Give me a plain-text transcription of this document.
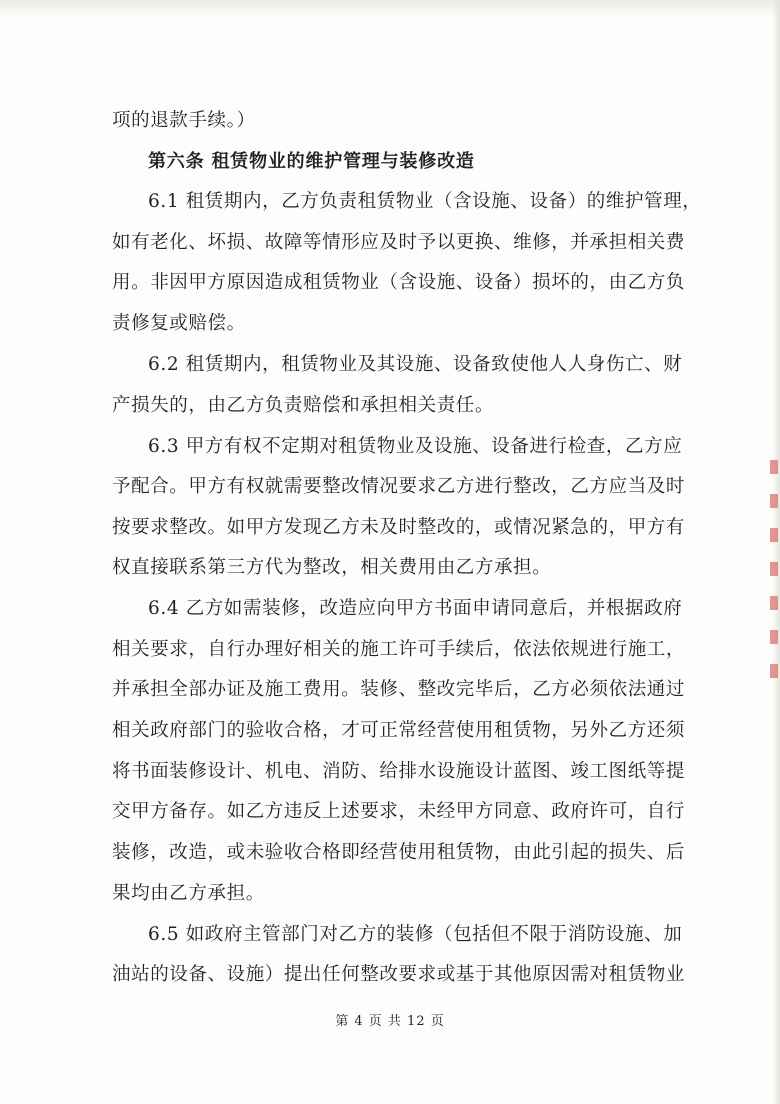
项的退款手续。）
第六条 租赁物业的维护管理与装修改造
6.1 租赁期内，乙方负责租赁物业（含设施、设备）的维护管理，
如有老化、坏损、故障等情形应及时予以更换、维修，并承担相关费
用。非因甲方原因造成租赁物业（含设施、设备）损坏的，由乙方负
责修复或赔偿。
6.2 租赁期内，租赁物业及其设施、设备致使他人人身伤亡、财
产损失的，由乙方负责赔偿和承担相关责任。
6.3 甲方有权不定期对租赁物业及设施、设备进行检查，乙方应
予配合。甲方有权就需要整改情况要求乙方进行整改，乙方应当及时
按要求整改。如甲方发现乙方未及时整改的，或情况紧急的，甲方有
权直接联系第三方代为整改，相关费用由乙方承担。
6.4 乙方如需装修，改造应向甲方书面申请同意后，并根据政府
相关要求，自行办理好相关的施工许可手续后，依法依规进行施工，
并承担全部办证及施工费用。装修、整改完毕后，乙方必须依法通过
相关政府部门的验收合格，才可正常经营使用租赁物，另外乙方还须
将书面装修设计、机电、消防、给排水设施设计蓝图、竣工图纸等提
交甲方备存。如乙方违反上述要求，未经甲方同意、政府许可，自行
装修，改造，或未验收合格即经营使用租赁物，由此引起的损失、后
果均由乙方承担。
6.5 如政府主管部门对乙方的装修（包括但不限于消防设施、加
油站的设备、设施）提出任何整改要求或基于其他原因需对租赁物业
第 4 页 共 12 页
